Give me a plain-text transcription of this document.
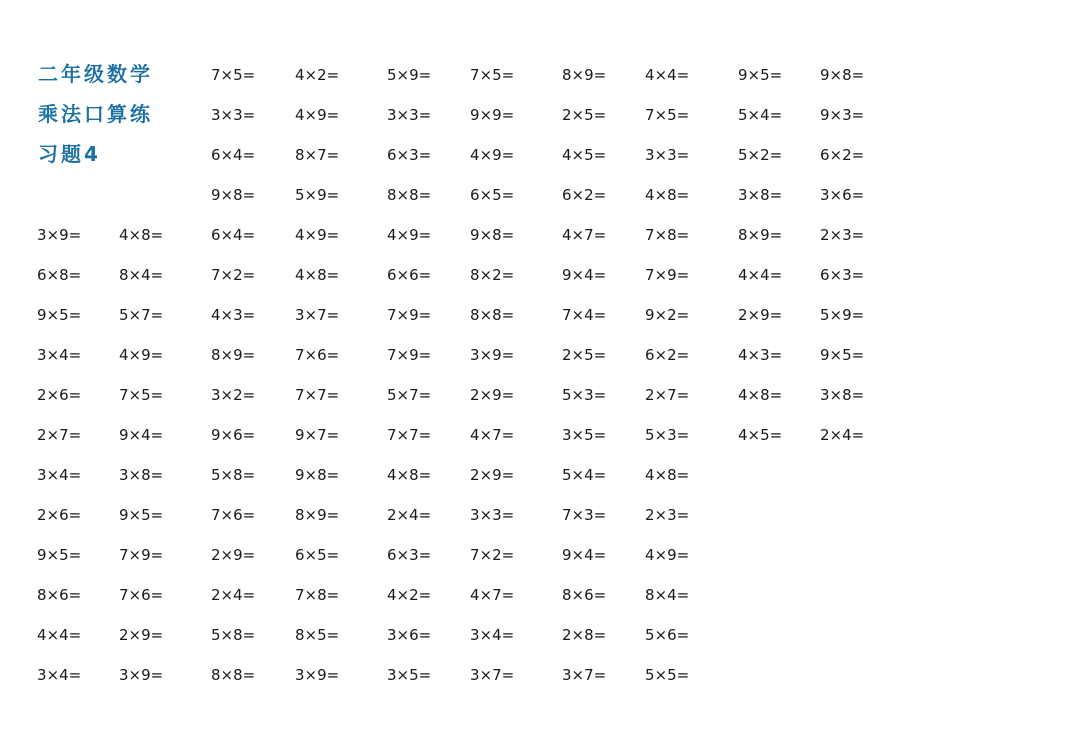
二年级数学
乘法口算练
习题4
7×5=	4×2=	5×9=	7×5=	8×9=	4×4=	9×5=	9×8=
3×3=	4×9=	3×3=	9×9=	2×5=	7×5=	5×4=	9×3=
6×4=	8×7=	6×3=	4×9=	4×5=	3×3=	5×2=	6×2=
9×8=	5×9=	8×8=	6×5=	6×2=	4×8=	3×8=	3×6=
3×9=	4×8=	6×4=	4×9=	4×9=	9×8=	4×7=	7×8=	8×9=	2×3=
6×8=	8×4=	7×2=	4×8=	6×6=	8×2=	9×4=	7×9=	4×4=	6×3=
9×5=	5×7=	4×3=	3×7=	7×9=	8×8=	7×4=	9×2=	2×9=	5×9=
3×4=	4×9=	8×9=	7×6=	7×9=	3×9=	2×5=	6×2=	4×3=	9×5=
2×6=	7×5=	3×2=	7×7=	5×7=	2×9=	5×3=	2×7=	4×8=	3×8=
2×7=	9×4=	9×6=	9×7=	7×7=	4×7=	3×5=	5×3=	4×5=	2×4=
3×4=	3×8=	5×8=	9×8=	4×8=	2×9=	5×4=	4×8=
2×6=	9×5=	7×6=	8×9=	2×4=	3×3=	7×3=	2×3=
9×5=	7×9=	2×9=	6×5=	6×3=	7×2=	9×4=	4×9=
8×6=	7×6=	2×4=	7×8=	4×2=	4×7=	8×6=	8×4=
4×4=	2×9=	5×8=	8×5=	3×6=	3×4=	2×8=	5×6=
3×4=	3×9=	8×8=	3×9=	3×5=	3×7=	3×7=	5×5=
